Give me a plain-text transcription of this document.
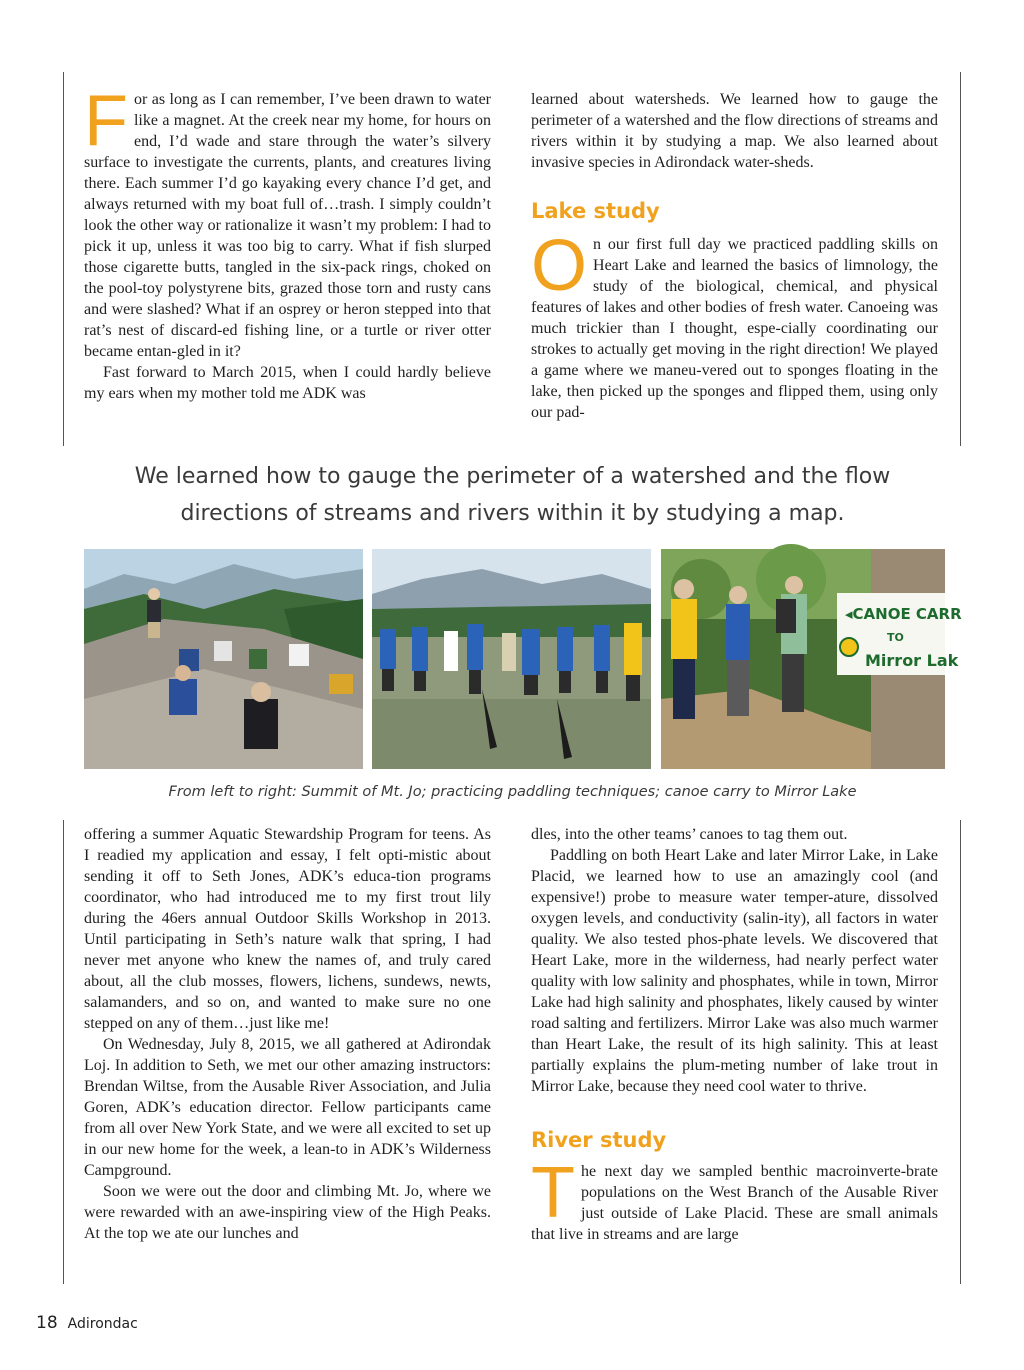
For as long as I can remember, I’ve been drawn to water like a magnet. At the creek near my home, for hours on end, I’d wade and stare through the water’s silvery surface to investigate the currents, plants, and creatures living there. Each summer I’d go kayaking every chance I’d get, and always returned with my boat full of…trash. I simply couldn’t look the other way or rationalize it wasn’t my problem: I had to pick it up, unless it was too big to carry. What if fish slurped those cigarette butts, tangled in the six-pack rings, choked on the pool-toy polystyrene bits, grazed those torn and rusty cans and were slashed? What if an osprey or heron stepped into that rat’s nest of discard-ed fishing line, or a turtle or river otter became entan-gled in it?

Fast forward to March 2015, when I could hardly believe my ears when my mother told me ADK was

learned about watersheds. We learned how to gauge the perimeter of a watershed and the flow directions of streams and rivers within it by studying a map. We also learned about invasive species in Adirondack water-sheds.

Lake study

On our first full day we practiced paddling skills on Heart Lake and learned the basics of limnology, the study of the biological, chemical, and physical features of lakes and other bodies of fresh water. Canoeing was much trickier than I thought, espe-cially coordinating our strokes to actually get moving in the right direction! We played a game where we maneu-vered out to sponges floating in the lake, then picked up the sponges and flipped them, using only our pad-

We learned how to gauge the perimeter of a watershed and the flow directions of streams and rivers within it by studying a map.
◂CANOE CARR
TO
Mirror Lak
From left to right: Summit of Mt. Jo; practicing paddling techniques; canoe carry to Mirror Lake

offering a summer Aquatic Stewardship Program for teens. As I readied my application and essay, I felt opti-mistic about sending it off to Seth Jones, ADK’s educa-tion programs coordinator, who had introduced me to my first trout lily during the 46ers annual Outdoor Skills Workshop in 2013. Until participating in Seth’s nature walk that spring, I had never met anyone who knew the names of, and truly cared about, all the club mosses, flowers, lichens, sundews, newts, salamanders, and so on, and wanted to make sure no one stepped on any of them…just like me!

On Wednesday, July 8, 2015, we all gathered at Adirondak Loj. In addition to Seth, we met our other amazing instructors: Brendan Wiltse, from the Ausable River Association, and Julia Goren, ADK’s education director. Fellow participants came from all over New York State, and we were all excited to set up in our new home for the week, a lean-to in ADK’s Wilderness Campground.

Soon we were out the door and climbing Mt. Jo, where we were rewarded with an awe-inspiring view of the High Peaks. At the top we ate our lunches and

dles, into the other teams’ canoes to tag them out.

Paddling on both Heart Lake and later Mirror Lake, in Lake Placid, we learned how to use an amazingly cool (and expensive!) probe to measure water temper-ature, dissolved oxygen levels, and conductivity (salin-ity), all factors in water quality. We also tested phos-phate levels. We discovered that Heart Lake, more in the wilderness, had nearly perfect water quality with low salinity and phosphates, while in town, Mirror Lake had high salinity and phosphates, likely caused by winter road salting and fertilizers. Mirror Lake was also much warmer than Heart Lake, the result of its high salinity. This at least partially explains the plum-meting number of lake trout in Mirror Lake, because they need cool water to thrive.

River study

The next day we sampled benthic macroinverte-brate populations on the West Branch of the Ausable River just outside of Lake Placid. These are small animals that live in streams and are large

18 Adirondac
